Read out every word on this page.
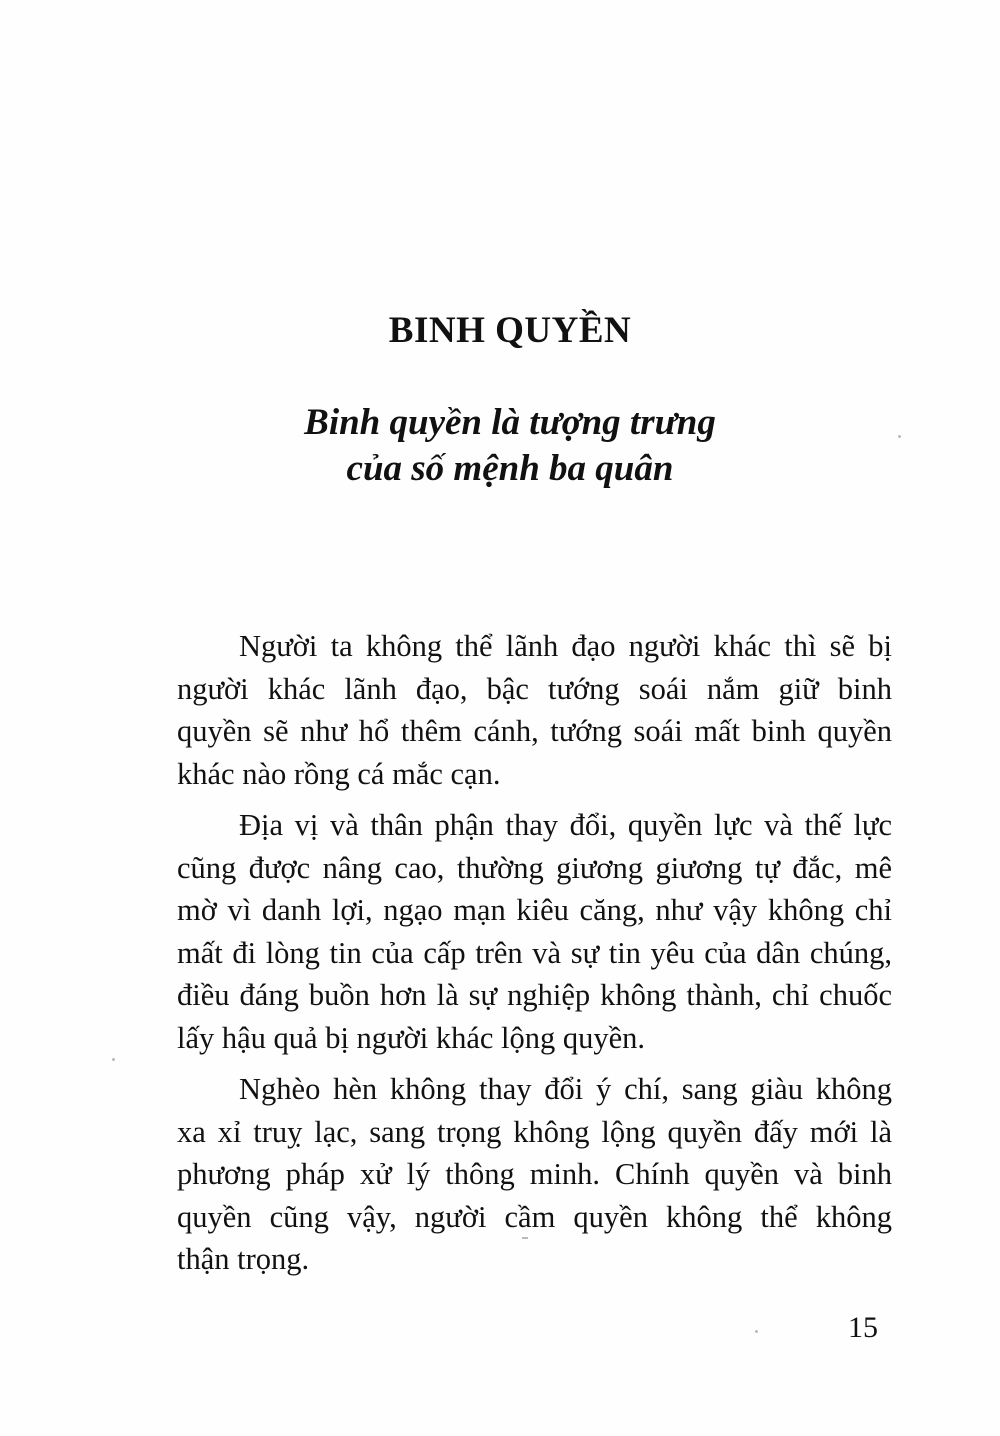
BINH QUYỀN
Binh quyền là tượng trưng
của số mệnh ba quân

Người ta không thể lãnh đạo người khác thì sẽ bị
người khác lãnh đạo, bậc tướng soái nắm giữ binh
quyền sẽ như hổ thêm cánh, tướng soái mất binh quyền
khác nào rồng cá mắc cạn.

Địa vị và thân phận thay đổi, quyền lực và thế lực
cũng được nâng cao, thường giương giương tự đắc, mê
mờ vì danh lợi, ngạo mạn kiêu căng, như vậy không chỉ
mất đi lòng tin của cấp trên và sự tin yêu của dân chúng,
điều đáng buồn hơn là sự nghiệp không thành, chỉ chuốc
lấy hậu quả bị người khác lộng quyền.

Nghèo hèn không thay đổi ý chí, sang giàu không
xa xỉ truỵ lạc, sang trọng không lộng quyền đấy mới là
phương pháp xử lý thông minh. Chính quyền và binh
quyền cũng vậy, người cầm quyền không thể không
thận trọng.

15
